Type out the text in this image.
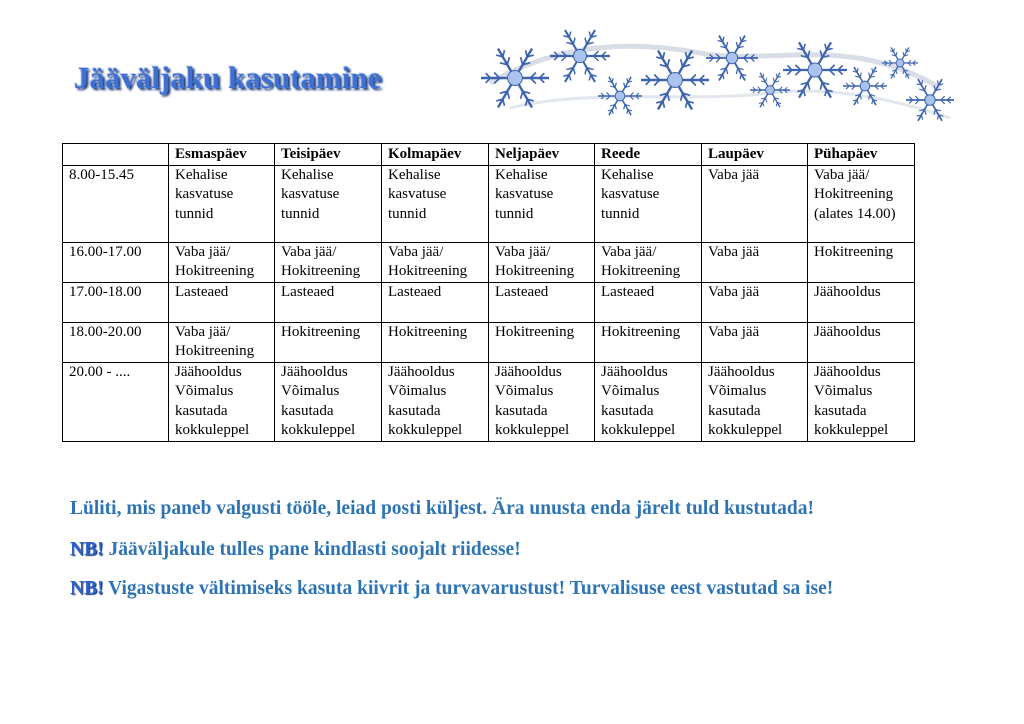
Jääväljaku kasutamine
	Esmaspäev	Teisipäev	Kolmapäev	Neljapäev	Reede	Laupäev	Pühapäev
8.00-15.45	Kehalise kasvatuse tunnid	Kehalise kasvatuse tunnid	Kehalise kasvatuse tunnid	Kehalise kasvatuse tunnid	Kehalise kasvatuse tunnid	Vaba jää	Vaba jää/ Hokitreening (alates 14.00)
16.00-17.00	Vaba jää/ Hokitreening	Vaba jää/ Hokitreening	Vaba jää/ Hokitreening	Vaba jää/ Hokitreening	Vaba jää/ Hokitreening	Vaba jää	Hokitreening
17.00-18.00	Lasteaed	Lasteaed	Lasteaed	Lasteaed	Lasteaed	Vaba jää	Jäähooldus
18.00-20.00	Vaba jää/ Hokitreening	Hokitreening	Hokitreening	Hokitreening	Hokitreening	Vaba jää	Jäähooldus
20.00 - ....	Jäähooldus Võimalus kasutada kokkuleppel	Jäähooldus Võimalus kasutada kokkuleppel	Jäähooldus Võimalus kasutada kokkuleppel	Jäähooldus Võimalus kasutada kokkuleppel	Jäähooldus Võimalus kasutada kokkuleppel	Jäähooldus Võimalus kasutada kokkuleppel	Jäähooldus Võimalus kasutada kokkuleppel
Lüliti, mis paneb valgusti tööle, leiad posti küljest. Ära unusta enda järelt tuld kustutada!
NB! Jääväljakule tulles pane kindlasti soojalt riidesse!
NB! Vigastuste vältimiseks kasuta kiivrit ja turvavarustust! Turvalisuse eest vastutad sa ise!
